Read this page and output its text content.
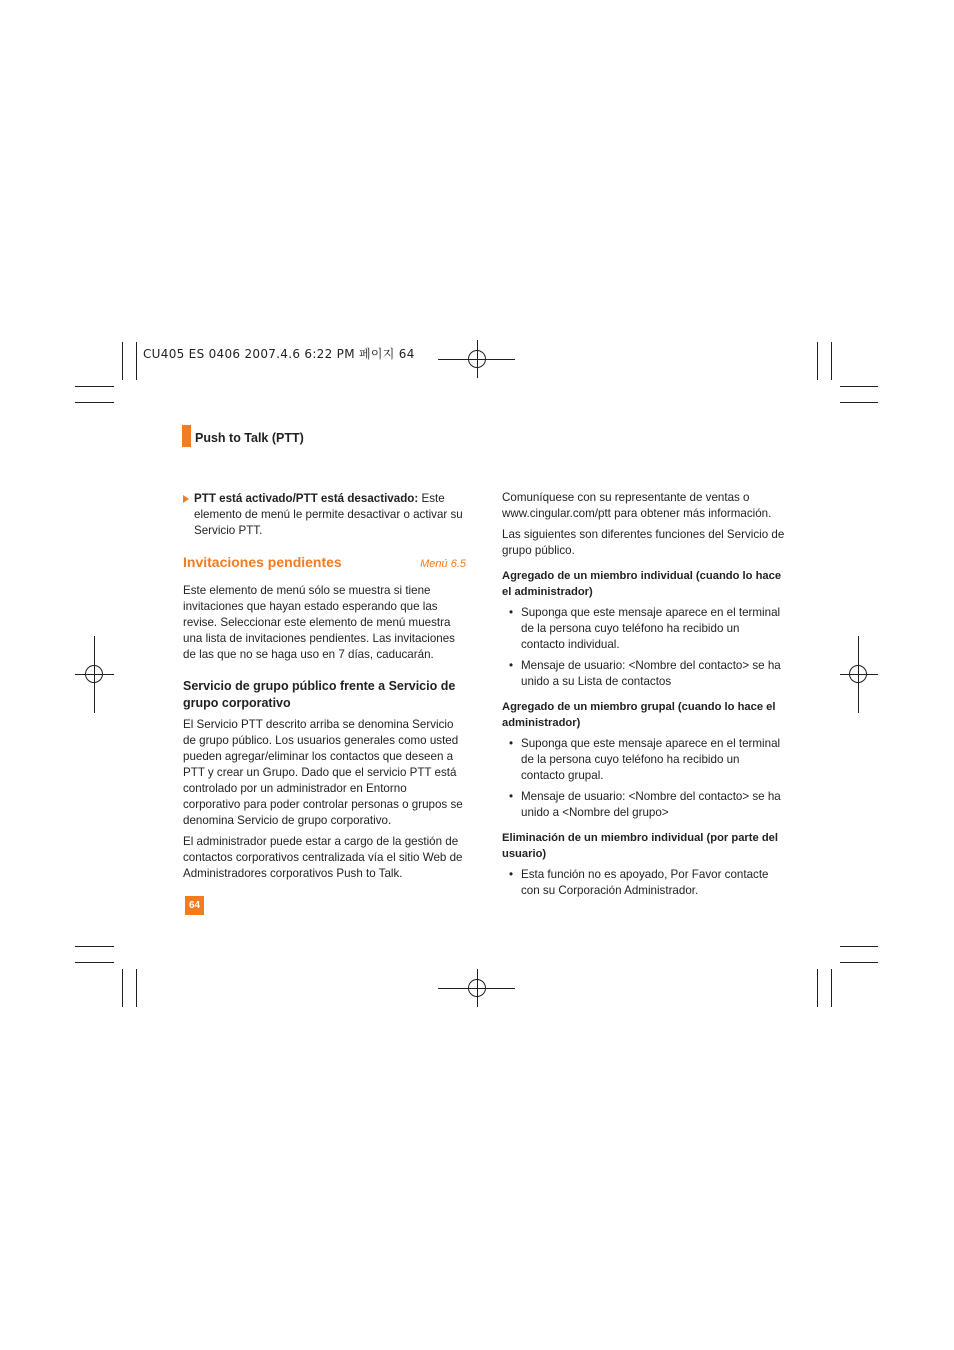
CU405 ES 0406 2007.4.6 6:22 PM 페이지 64
Push to Talk (PTT)

PTT está activado/PTT está desactivado: Este

elemento de menú le permite desactivar o activar su

Servicio PTT.

Invitaciones pendientes	Menú 6.5

Este elemento de menú sólo se muestra si tiene

invitaciones que hayan estado esperando que las

revise. Seleccionar este elemento de menú muestra

una lista de invitaciones pendientes. Las invitaciones

de las que no se haga uso en 7 días, caducarán.

Servicio de grupo público frente a Servicio de

grupo corporativo

El Servicio PTT descrito arriba se denomina Servicio

de grupo público. Los usuarios generales como usted

pueden agregar/eliminar los contactos que deseen a

PTT y crear un Grupo. Dado que el servicio PTT está

controlado por un administrador en Entorno

corporativo para poder controlar personas o grupos se

denomina Servicio de grupo corporativo.

El administrador puede estar a cargo de la gestión de

contactos corporativos centralizada vía el sitio Web de

Administradores corporativos Push to Talk.

Comuníquese con su representante de ventas o

www.cingular.com/ptt para obtener más información.

Las siguientes son diferentes funciones del Servicio de

grupo público.

Agregado de un miembro individual (cuando lo hace

el administrador)

• Suponga que este mensaje aparece en el terminal

de la persona cuyo teléfono ha recibido un

contacto individual.

• Mensaje de usuario: <Nombre del contacto> se ha

unido a su Lista de contactos

Agregado de un miembro grupal (cuando lo hace el

administrador)

• Suponga que este mensaje aparece en el terminal

de la persona cuyo teléfono ha recibido un

contacto grupal.

• Mensaje de usuario: <Nombre del contacto> se ha

unido a <Nombre del grupo>

Eliminación de un miembro individual (por parte del

usuario)

• Esta función no es apoyado, Por Favor contacte

con su Corporación Administrador.

64
